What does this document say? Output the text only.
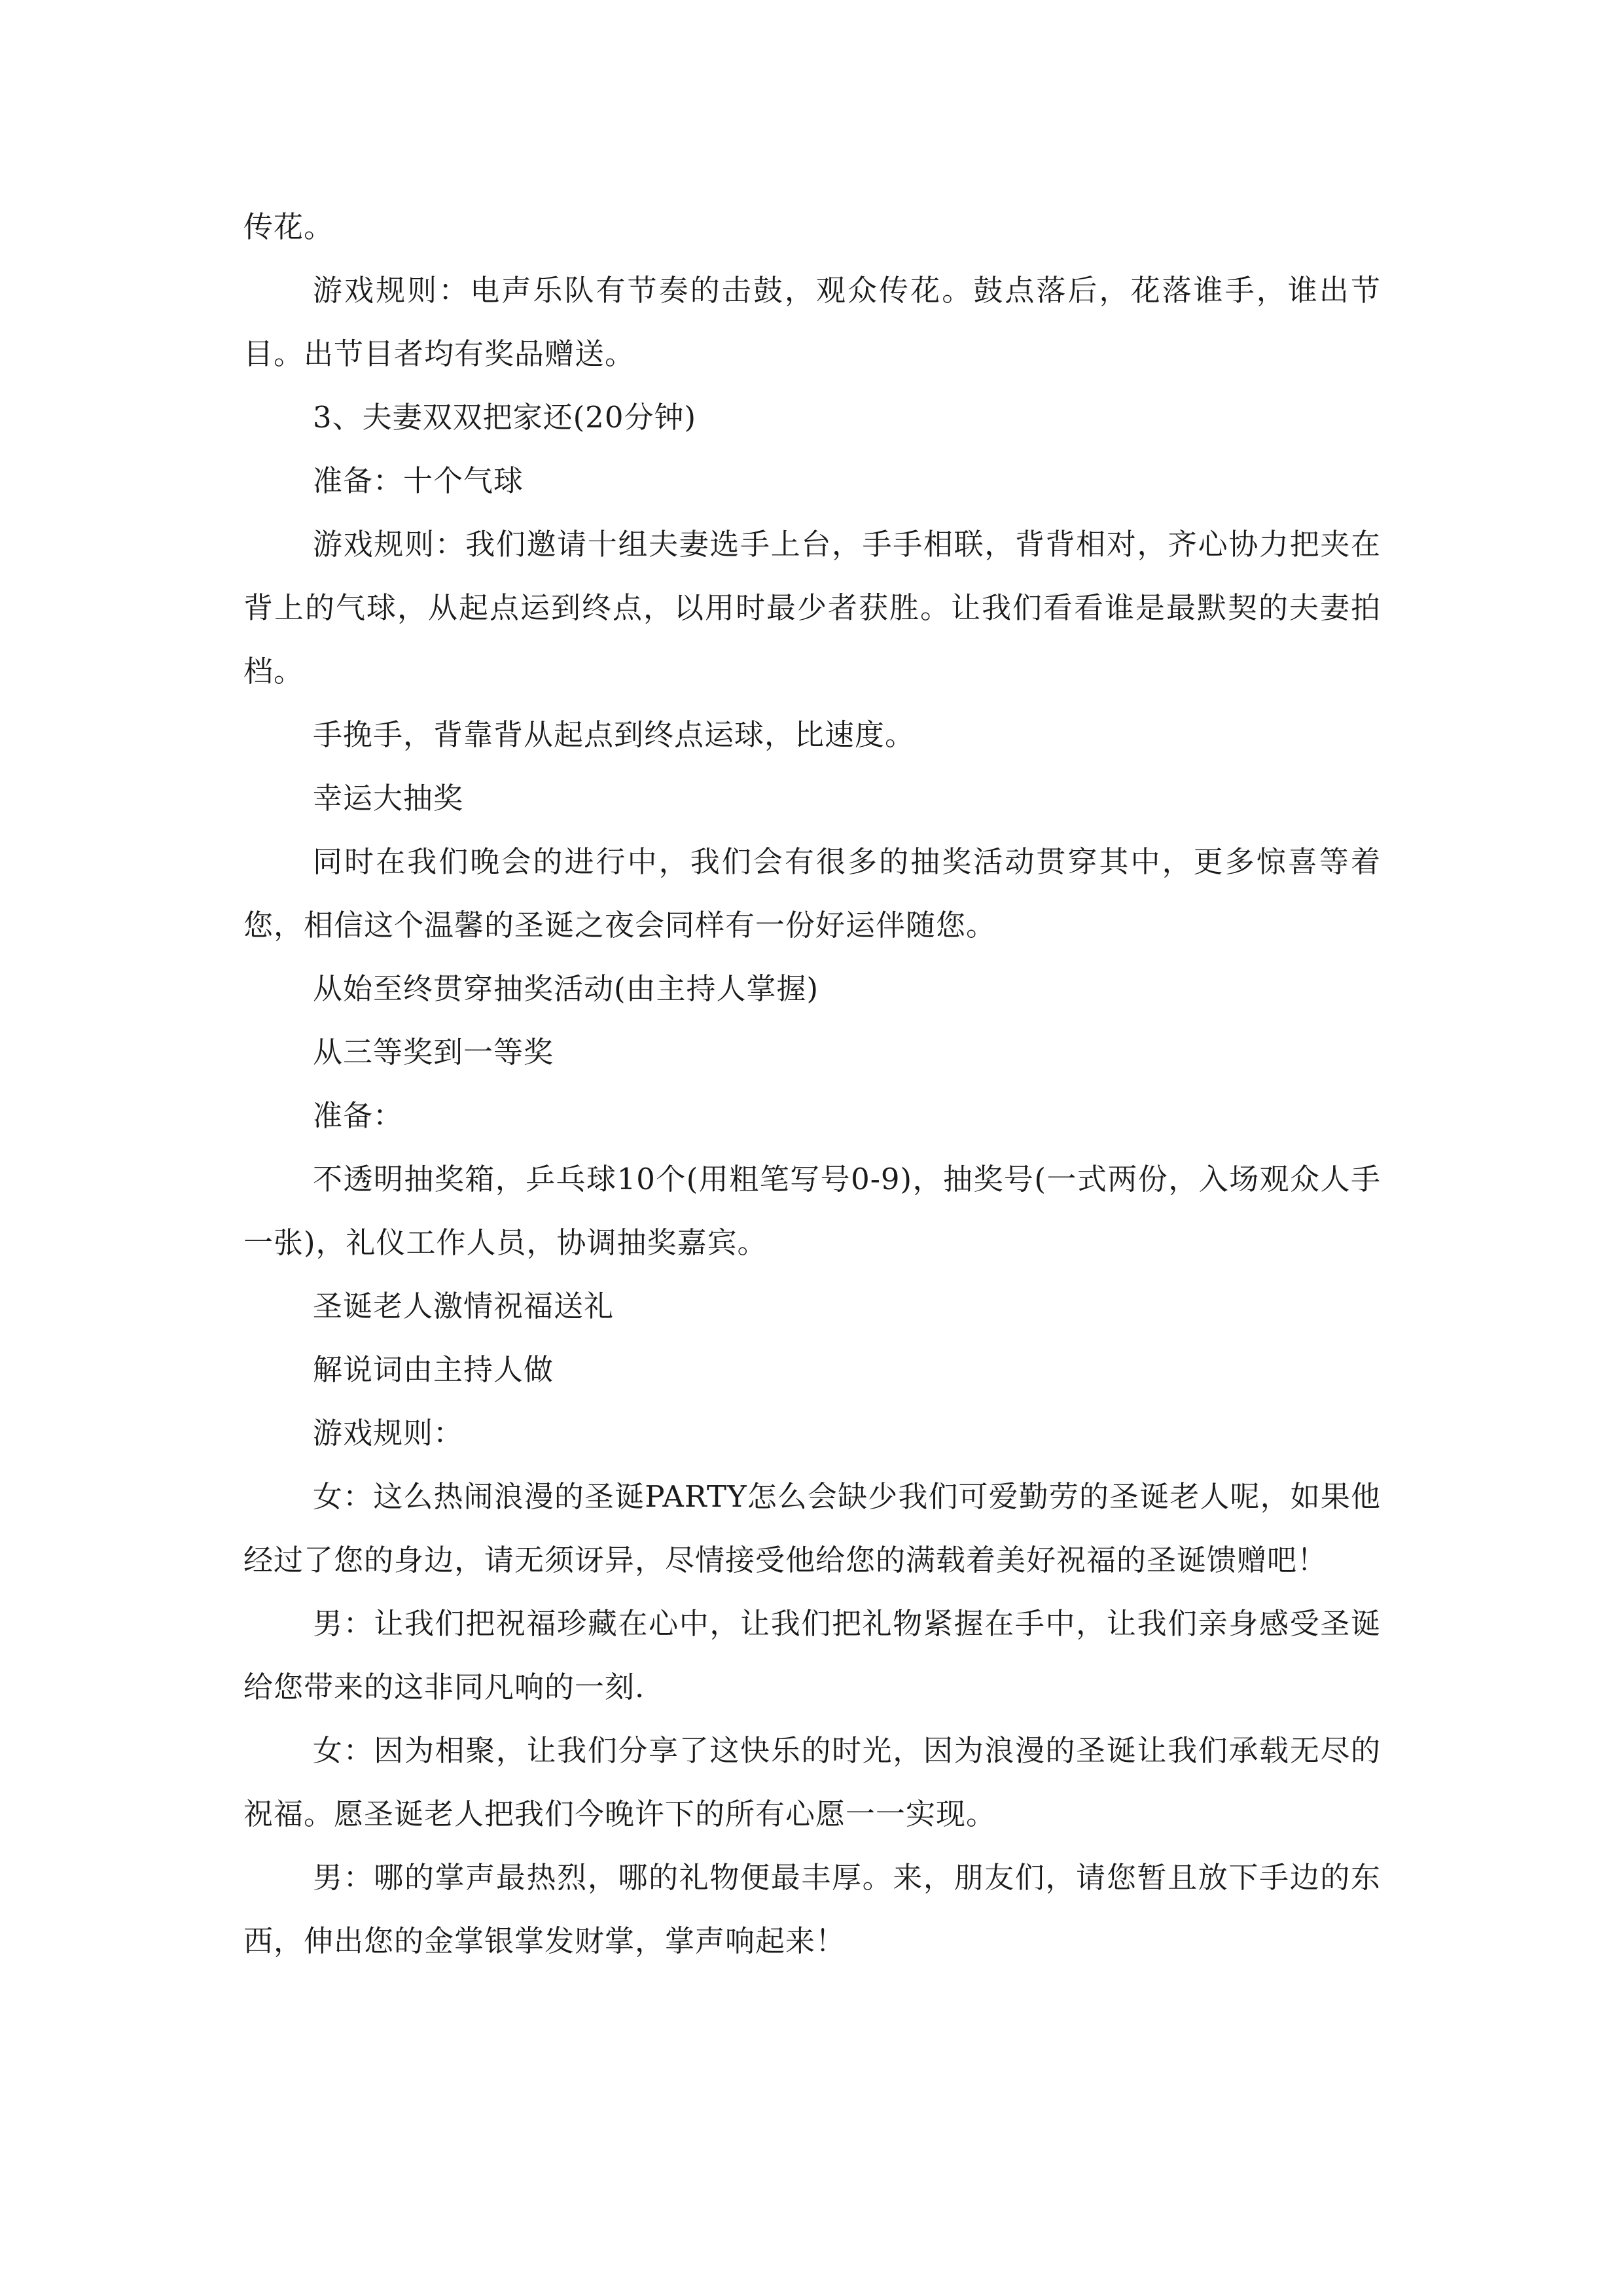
传花。

游戏规则：电声乐队有节奏的击鼓，观众传花。鼓点落后，花落谁手，谁出节目。出节目者均有奖品赠送。

3、夫妻双双把家还(20分钟)

准备：十个气球

游戏规则：我们邀请十组夫妻选手上台，手手相联，背背相对，齐心协力把夹在背上的气球，从起点运到终点，以用时最少者获胜。让我们看看谁是最默契的夫妻拍档。

手挽手，背靠背从起点到终点运球，比速度。

幸运大抽奖

同时在我们晚会的进行中，我们会有很多的抽奖活动贯穿其中，更多惊喜等着您，相信这个温馨的圣诞之夜会同样有一份好运伴随您。

从始至终贯穿抽奖活动(由主持人掌握)

从三等奖到一等奖

准备：

不透明抽奖箱，乒乓球10个(用粗笔写号0-9)，抽奖号(一式两份，入场观众人手一张)，礼仪工作人员，协调抽奖嘉宾。

圣诞老人激情祝福送礼

解说词由主持人做

游戏规则：

女：这么热闹浪漫的圣诞PARTY怎么会缺少我们可爱勤劳的圣诞老人呢，如果他经过了您的身边，请无须讶异，尽情接受他给您的满载着美好祝福的圣诞馈赠吧！

男：让我们把祝福珍藏在心中，让我们把礼物紧握在手中，让我们亲身感受圣诞给您带来的这非同凡响的一刻.

女：因为相聚，让我们分享了这快乐的时光，因为浪漫的圣诞让我们承载无尽的祝福。愿圣诞老人把我们今晚许下的所有心愿一一实现。

男：哪的掌声最热烈，哪的礼物便最丰厚。来，朋友们，请您暂且放下手边的东西，伸出您的金掌银掌发财掌，掌声响起来！
